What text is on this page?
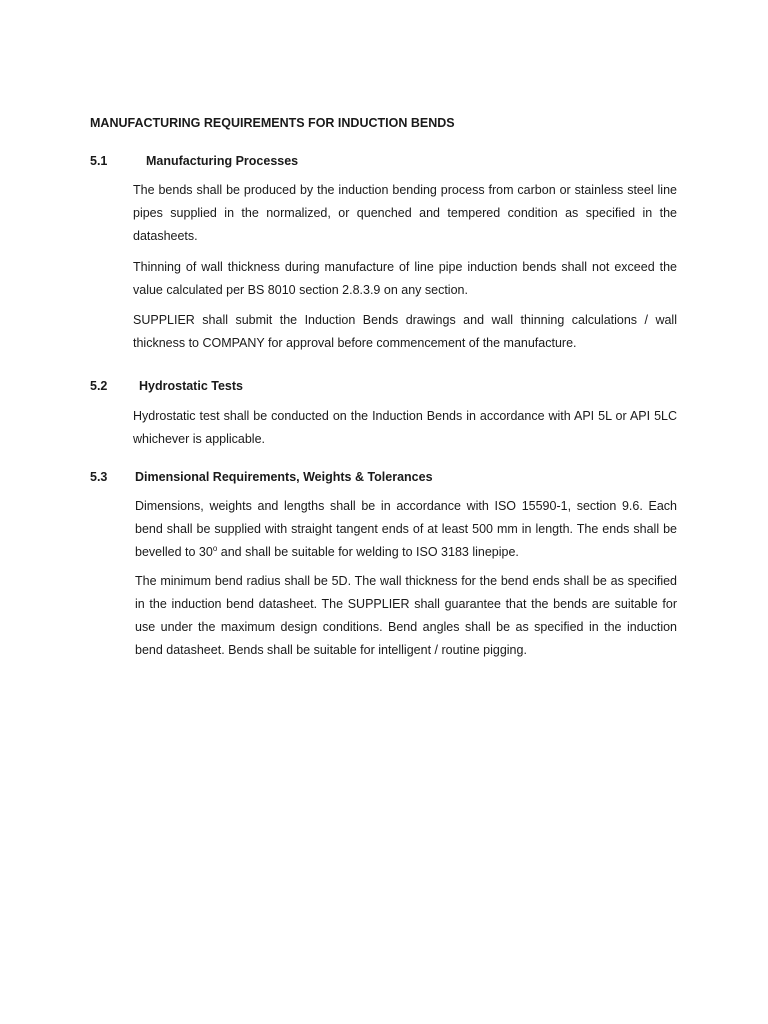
MANUFACTURING REQUIREMENTS FOR INDUCTION BENDS
5.1	Manufacturing Processes

The bends shall be produced by the induction bending process from carbon or stainless steel line pipes supplied in the normalized, or quenched and tempered condition as specified in the datasheets.

Thinning of wall thickness during manufacture of line pipe induction bends shall not exceed the value calculated per BS 8010 section 2.8.3.9 on any section.

SUPPLIER shall submit the Induction Bends drawings and wall thinning calculations / wall thickness to COMPANY for approval before commencement of the manufacture.

5.2	Hydrostatic Tests

Hydrostatic test shall be conducted on the Induction Bends in accordance with API 5L or API 5LC whichever is applicable.

5.3 Dimensional Requirements, Weights & Tolerances

Dimensions, weights and lengths shall be in accordance with ISO 15590-1, section 9.6. Each bend shall be supplied with straight tangent ends of at least 500 mm in length. The ends shall be bevelled to 30$^o$ and shall be suitable for welding to ISO 3183 linepipe.

The minimum bend radius shall be 5D. The wall thickness for the bend ends shall be as specified in the induction bend datasheet. The SUPPLIER shall guarantee that the bends are suitable for use under the maximum design conditions. Bend angles shall be as specified in the induction bend datasheet. Bends shall be suitable for intelligent / routine pigging.
